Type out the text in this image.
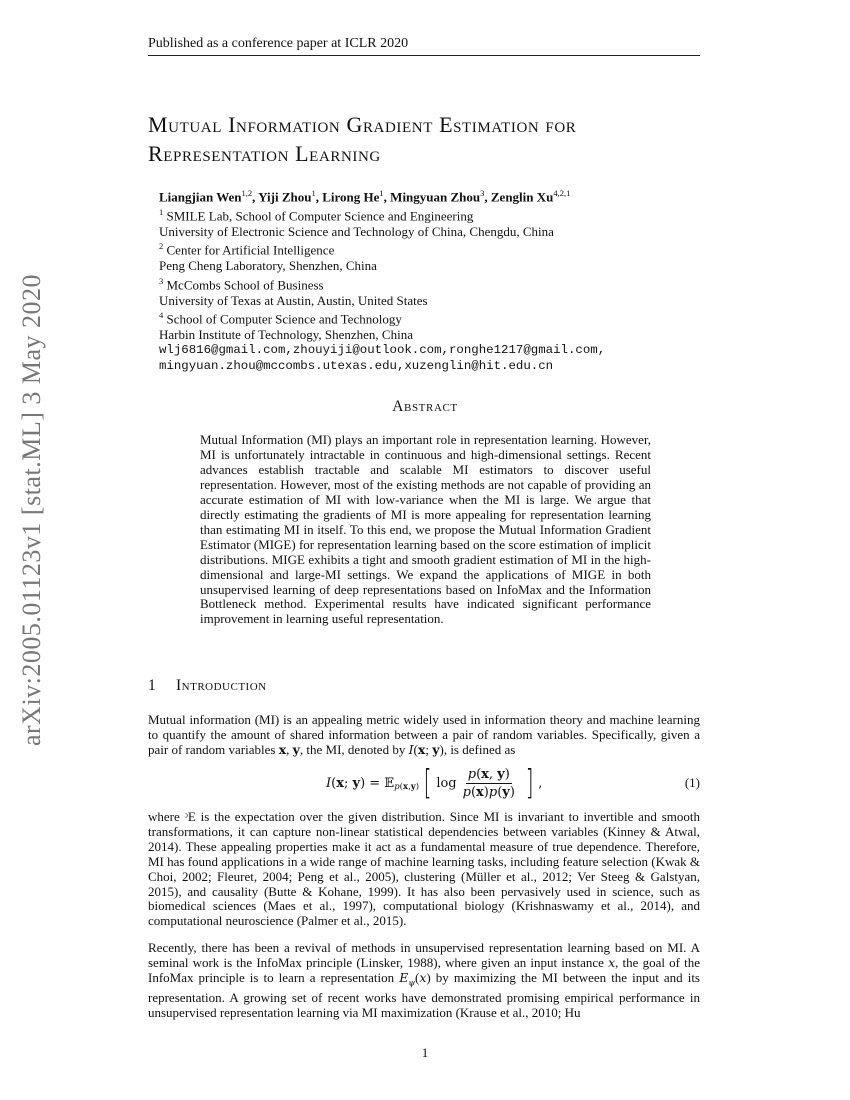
Published as a conference paper at ICLR 2020
Mutual Information Gradient Estimation for
Representation Learning
Liangjian Wen$^{1,2}$, Yiji Zhou$^1$, Lirong He$^1$, Mingyuan Zhou$^3$, Zenglin Xu$^{4,2,1}$
$^1$ SMILE Lab, School of Computer Science and Engineering
University of Electronic Science and Technology of China, Chengdu, China
$^2$ Center for Artificial Intelligence
Peng Cheng Laboratory, Shenzhen, China
$^3$ McCombs School of Business
University of Texas at Austin, Austin, United States
$^4$ School of Computer Science and Technology
Harbin Institute of Technology, Shenzhen, China
wlj6816@gmail.com,zhouyiji@outlook.com,ronghe1217@gmail.com,
mingyuan.zhou@mccombs.utexas.edu,xuzenglin@hit.edu.cn
arXiv:2005.01123v1 [stat.ML] 3 May 2020	Abstract
Mutual Information (MI) plays an important role in representation learning. However, MI is unfortunately intractable in continuous and high-dimensional settings. Recent advances establish tractable and scalable MI estimators to discover useful representation. However, most of the existing methods are not capable of providing an accurate estimation of MI with low-variance when the MI is large. We argue that directly estimating the gradients of MI is more appealing for representation learning than estimating MI in itself. To this end, we propose the Mutual Information Gradient Estimator (MIGE) for representation learning based on the score estimation of implicit distributions. MIGE exhibits a tight and smooth gradient estimation of MI in the high-dimensional and large-MI settings. We expand the applications of MIGE in both unsupervised learning of deep representations based on InfoMax and the Information Bottleneck method. Experimental results have indicated significant performance improvement in learning useful representation.
1 Introduction
Mutual information (MI) is an appealing metric widely used in information theory and machine learning to quantify the amount of shared information between a pair of random variables. Specifically, given a pair of random variables x, y, the MI, denoted by I(x; y), is defined as
I ( x ; y ) = 𝔼 p(x,y) [ $\log \frac{p(x, y)}{p(x)p(y)}$ ] ,	(1)
where ᵓE is the expectation over the given distribution. Since MI is invariant to invertible and smooth transformations, it can capture non-linear statistical dependencies between variables (Kinney & Atwal, 2014). These appealing properties make it act as a fundamental measure of true dependence. Therefore, MI has found applications in a wide range of machine learning tasks, including feature selection (Kwak & Choi, 2002; Fleuret, 2004; Peng et al., 2005), clustering (Müller et al., 2012; Ver Steeg & Galstyan, 2015), and causality (Butte & Kohane, 1999). It has also been pervasively used in science, such as biomedical sciences (Maes et al., 1997), computational biology (Krishnaswamy et al., 2014), and computational neuroscience (Palmer et al., 2015).
Recently, there has been a revival of methods in unsupervised representation learning based on MI. A seminal work is the InfoMax principle (Linsker, 1988), where given an input instance x, the goal of the InfoMax principle is to learn a representation $E_\psi(x)$ by maximizing the MI between the input and its representation. A growing set of recent works have demonstrated promising empirical performance in unsupervised representation learning via MI maximization (Krause et al., 2010; Hu
1
